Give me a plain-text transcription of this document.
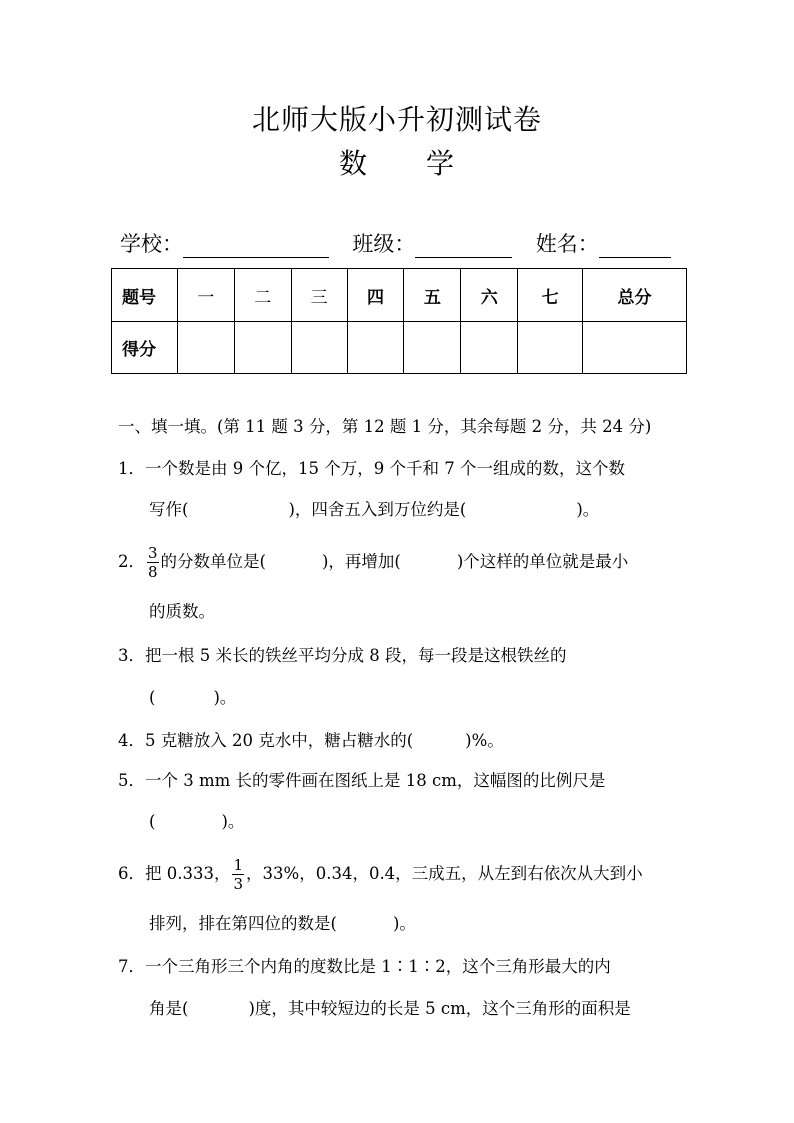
北师大版小升初测试卷
数 学
学校：	班级：	姓名：
题号	一	二	三	四	五	六	七	总分
得分								
一、填一填。(第 11 题 3 分，第 12 题 1 分，其余每题 2 分，共 24 分)
1．一个数是由 9 个亿，15 个万，9 个千和 7 个一组成的数，这个数
写作(	)，四舍五入到万位约是(	)。
2． $\frac{3}{8}$ 的分数单位是(	)，再增加(	)个这样的单位就是最小
的质数。
3．把一根 5 米长的铁丝平均分成 8 段，每一段是这根铁丝的
(	)。
4．5 克糖放入 20 克水中，糖占糖水的(	)%。
5．一个 3 mm 长的零件画在图纸上是 18 cm，这幅图的比例尺是
(	)。
6．把 0.333， $\frac{1}{3}$ ，33%，0.34，0.4，三成五，从左到右依次从大到小
排列，排在第四位的数是(	)。
7．一个三角形三个内角的度数比是 1∶1∶2，这个三角形最大的内
角是(	)度，其中较短边的长是 5 cm，这个三角形的面积是
